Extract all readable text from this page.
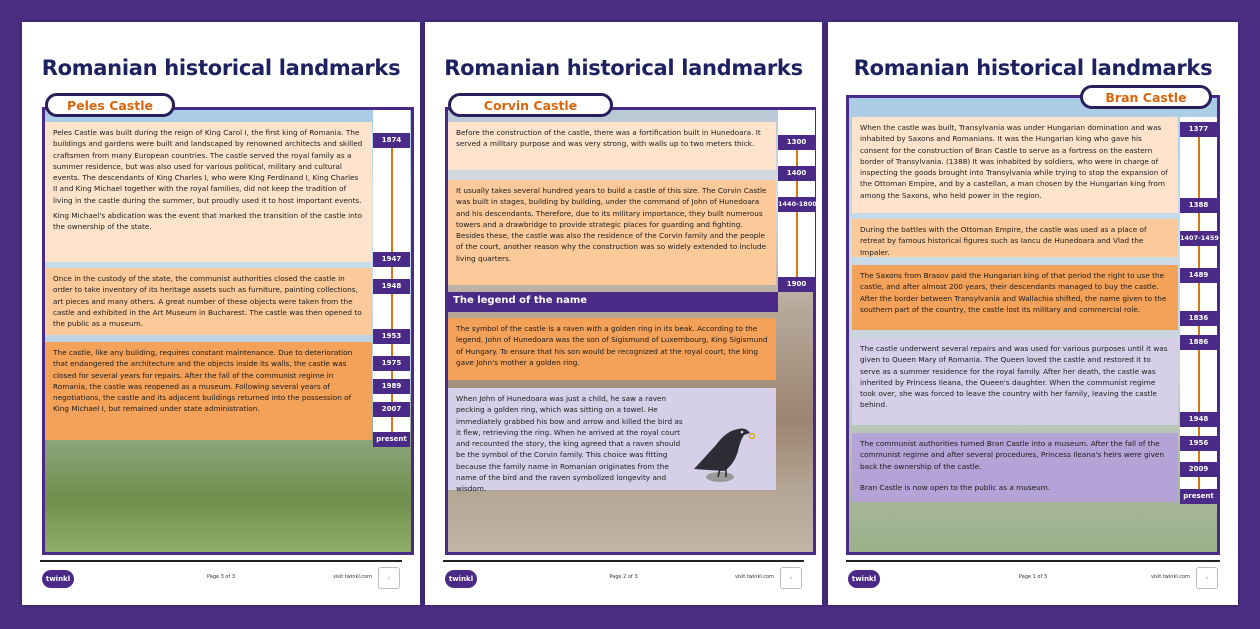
Romanian historical landmarks
Peles Castle

Peles Castle was built during the reign of King Carol I, the first king of Romania. The buildings and gardens were built and landscaped by renowned architects and skilled craftsmen from many European countries. The castle served the royal family as a summer residence, but was also used for various political, military and cultural events. The descendants of King Charles I, who were King Ferdinand I, King Charles II and King Michael together with the royal families, did not keep the tradition of living in the castle during the summer, but proudly used it to host important events.

King Michael's abdication was the event that marked the transition of the castle into the ownership of the state.

Once in the custody of the state, the communist authorities closed the castle in order to take inventory of its heritage assets such as furniture, painting collections, art pieces and many others. A great number of these objects were taken from the castle and exhibited in the Art Museum in Bucharest. The castle was then opened to the public as a museum.

The castle, like any building, requires constant maintenance. Due to deterioration that endangered the architecture and the objects inside its walls, the castle was closed for several years for repairs. After the fall of the communist regime in Romania, the castle was reopened as a museum. Following several years of negotiations, the castle and its adjacent buildings returned into the possession of King Michael I, but remained under state administration.

1874
1947
1948
1953
1975
1989
2007
present
twinkl	Page 3 of 3	visit twinkl.com	✓
Romanian historical landmarks
Corvin Castle

Before the construction of the castle, there was a fortification built in Hunedoara. It served a military purpose and was very strong, with walls up to two meters thick.

It usually takes several hundred years to build a castle of this size. The Corvin Castle was built in stages, building by building, under the command of John of Hunedoara and his descendants. Therefore, due to its military importance, they built numerous towers and a drawbridge to provide strategic places for guarding and fighting. Besides these, the castle was also the residence of the Corvin family and the people of the court, another reason why the construction was so widely extended to include living quarters.

The symbol of the castle is a raven with a golden ring in its beak. According to the legend, John of Hunedoara was the son of Sigismund of Luxembourg, King Sigismund of Hungary. To ensure that his son would be recognized at the royal court, the king gave John's mother a golden ring.

When John of Hunedoara was just a child, he saw a raven pecking a golden ring, which was sitting on a towel. He immediately grabbed his bow and arrow and killed the bird as it flew, retrieving the ring. When he arrived at the royal court and recounted the story, the king agreed that a raven should be the symbol of the Corvin family. This choice was fitting because the family name in Romanian originates from the name of the bird and the raven symbolized longevity and wisdom.

The legend of the name
1300
1400
1440-1800
1900
twinkl	Page 2 of 3	visit twinkl.com	✓
Romanian historical landmarks
Bran Castle

When the castle was built, Transylvania was under Hungarian domination and was inhabited by Saxons and Romanians. It was the Hungarian king who gave his consent for the construction of Bran Castle to serve as a fortress on the eastern border of Transylvania. (1388) It was inhabited by soldiers, who were in charge of inspecting the goods brought into Transylvania while trying to stop the expansion of the Ottoman Empire, and by a castellan, a man chosen by the Hungarian king from among the Saxons, who held power in the region.

During the battles with the Ottoman Empire, the castle was used as a place of retreat by famous historical figures such as Iancu de Hunedoara and Vlad the Impaler.

The Saxons from Brasov paid the Hungarian king of that period the right to use the castle, and after almost 200 years, their descendants managed to buy the castle. After the border between Transylvania and Wallachia shifted, the name given to the southern part of the country, the castle lost its military and commercial role.

The castle underwent several repairs and was used for various purposes until it was given to Queen Mary of Romania. The Queen loved the castle and restored it to serve as a summer residence for the royal family. After her death, the castle was inherited by Princess Ileana, the Queen's daughter. When the communist regime took over, she was forced to leave the country with her family, leaving the castle behind.

The communist authorities turned Bran Castle into a museum. After the fall of the communist regime and after several procedures, Princess Ileana's heirs were given back the ownership of the castle.

Bran Castle is now open to the public as a museum.

1377
1388
1407-1459
1489
1836
1886
1948
1956
2009
present
twinkl	Page 1 of 3	visit twinkl.com	✓
